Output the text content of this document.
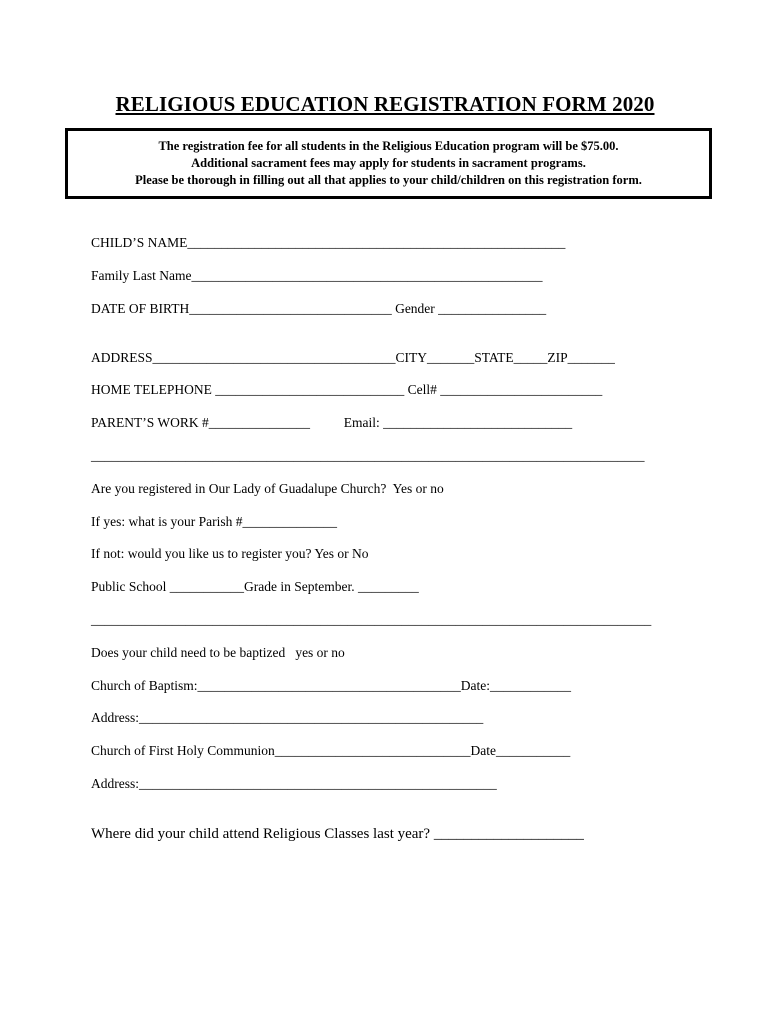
RELIGIOUS EDUCATION REGISTRATION FORM 2020
The registration fee for all students in the Religious Education program will be $75.00.
Additional sacrament fees may apply for students in sacrament programs.
Please be thorough in filling out all that applies to your child/children on this registration form.
CHILD’S NAME________________________________________________________
Family Last Name____________________________________________________
DATE OF BIRTH______________________________ Gender ________________
ADDRESS____________________________________CITY_______STATE_____ZIP_______
HOME TELEPHONE ____________________________ Cell# ________________________
PARENT’S WORK #_______________          Email: ____________________________
__________________________________________________________________________________
Are you registered in Our Lady of Guadalupe Church?  Yes or no
If yes: what is your Parish #______________
If not: would you like us to register you? Yes or No
Public School ___________Grade in September. _________
___________________________________________________________________________________
Does your child need to be baptized   yes or no
Church of Baptism:_______________________________________Date:____________
Address:___________________________________________________
Church of First Holy Communion_____________________________Date___________
Address:_____________________________________________________
Where did your child attend Religious Classes last year? ____________________
